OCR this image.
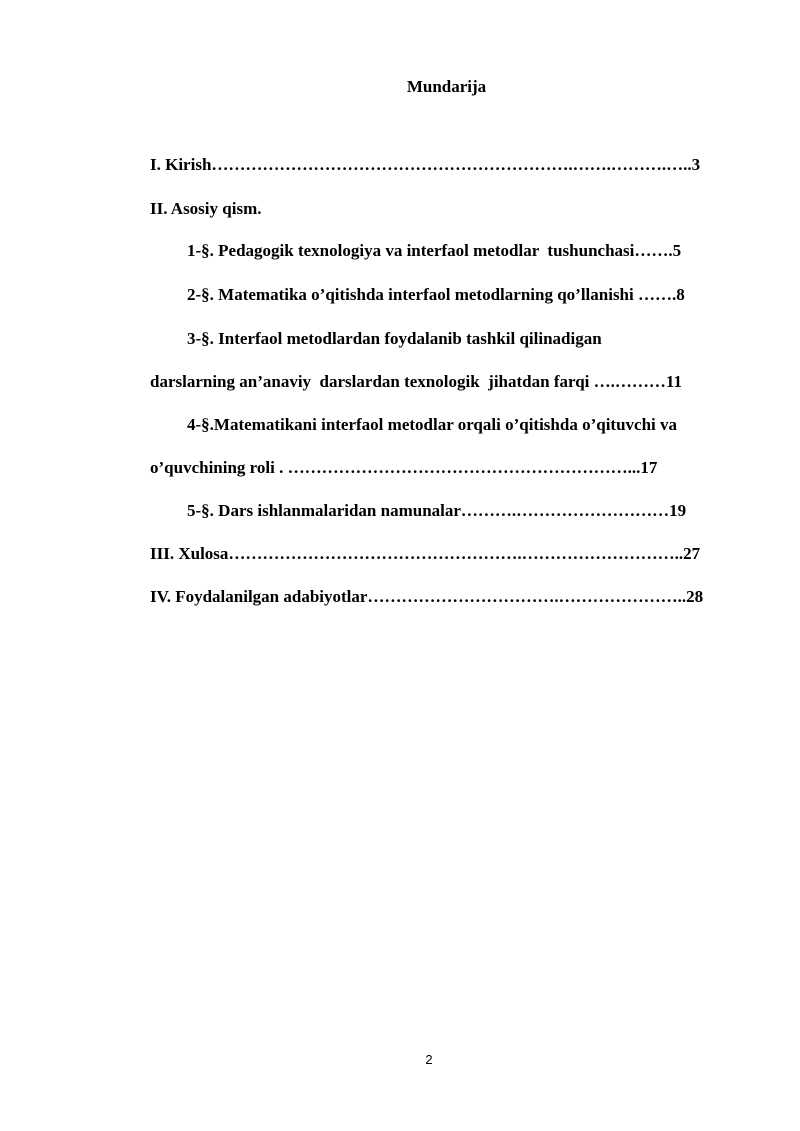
Mundarija
I. Kirish……………………………………………………….…….……….…..3
II. Asosiy qism.
1-§. Pedagogik texnologiya va interfaol metodlar  tushunchasi…….5
2-§. Matematika o’qitishda interfaol metodlarning qo’llanishi …….8
3-§. Interfaol metodlardan foydalanib tashkil qilinadigan
darslarning an’anaviy  darslardan texnologik  jihatdan farqi ….………11
4-§.Matematikani interfaol metodlar orqali o’qitishda o’qituvchi va
o’quvchining roli . ……………………………………………………...17
5-§. Dars ishlanmalaridan namunalar……….………………………19
III. Xulosa…………………………………………….………………………..27
IV. Foydalanilgan adabiyotlar…………………………….…………………..28
2
